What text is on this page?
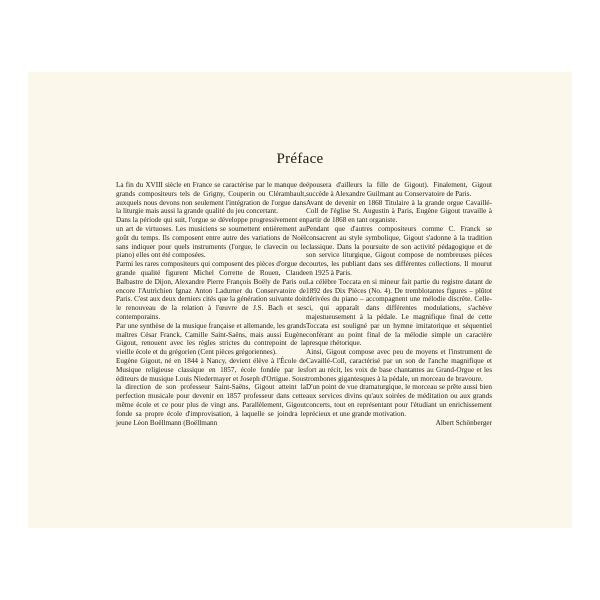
Préface

La fin du XVIII siècle en France se caractérise par le manque de grands compositeurs tels de Grigny, Couperin ou Clérambault, auxquels nous devons non seulement l'intégration de l'orgue dans la liturgie mais aussi la grande qualité du jeu concertant.

Dans la période qui suit, l'orgue se développe progressivement en un art de virtuoses. Les musiciens se soumettent entièrement au goût du temps. Ils composent entre autre des variations de Noël sans indiquer pour quels instruments (l'orgue, le clavecin ou le piano) elles ont été composées.

Parmi les rares compositeurs qui composent des pièces d'orgue de grande qualité figurent Michel Corrette de Rouen, Claude Balbastre de Dijon, Alexandre Pierre François Boëly de Paris ou encore l'Autrichien Ignaz Anton Ladurner du Conservatoire de Paris. C'est aux deux derniers cités que la génération suivante doit le renouveau de la relation à l'œuvre de J.S. Bach et ses contemporains.

Par une synthèse de la musique française et allemande, les grands maîtres César Franck, Camille Saint-Saëns, mais aussi Eugène Gigout, renouent avec les règles strictes du contrepoint de la vieille école et du grégorien (Cent pièces grégoriennes).

Eugène Gigout, né en 1844 à Nancy, devient élève à l'École de Musique religieuse classique en 1857, école fondée par les éditeurs de musique Louis Niedermayer et Joseph d'Ortigue. Sous la direction de son professeur Saint-Saëns, Gigout atteint la perfection musicale pour devenir en 1857 professeur dans cette même école et ce pour plus de vingt ans. Parallèlement, Gigout fonde sa propre école d'improvisation, à laquelle se joindra le jeune Léon Boëllmann (Boëllmann

épousera d'ailleurs la fille de Gigout). Finalement, Gigout succède à Alexandre Guilmant au Conservatoire de Paris.

Avant de devenir en 1868 Titulaire à la grande orgue Cavaillé-Coll de l'église St. Augustin à Paris, Eugène Gigout travaille à partir de 1868 en tant organiste.

Pendant que d'autres compositeurs comme C. Franck se consacrent au style symbolique, Gigout s'adonne à la tradition classique. Dans la poursuite de son activité pédagogique et de son service liturgique, Gigout compose de nombreuses pièces courtes, les publiant dans ses différentes collections. Il mourut en 1925 à Paris.

La célèbre Toccata en si mineur fait partie du registre datant de 1892 des Dix Pièces (No. 4). De tremblotantes figures – plûtot dérivées du piano – accompagnent une mélodie discrète. Celle-ci, qui apparaît dans différentes modulations, s'achève majestueusement à la pédale. Le magnifique final de cette Toccata est souligné par un hymne imitatorique et séquentiel conférant au point final de la mélodie simple un caractère presque rhétorique.

Ainsi, Gigout compose avec peu de moyens et l'instrument de Cavaillé-Coll, caractérisé par un son de l'anche magnifique et fort au récit, les voix de base chantantes au Grand-Orgue et les trombones gigantesques à la pédale, un morceau de bravoure.

D'un point de vue dramaturgique, le morceau se prête aussi bien aux services divins qu'aux soirées de méditation ou aux grands concerts, tout en représentant pour l'étudiant un enrichissement précieux et une grande motivation.

Albert Schönberger
